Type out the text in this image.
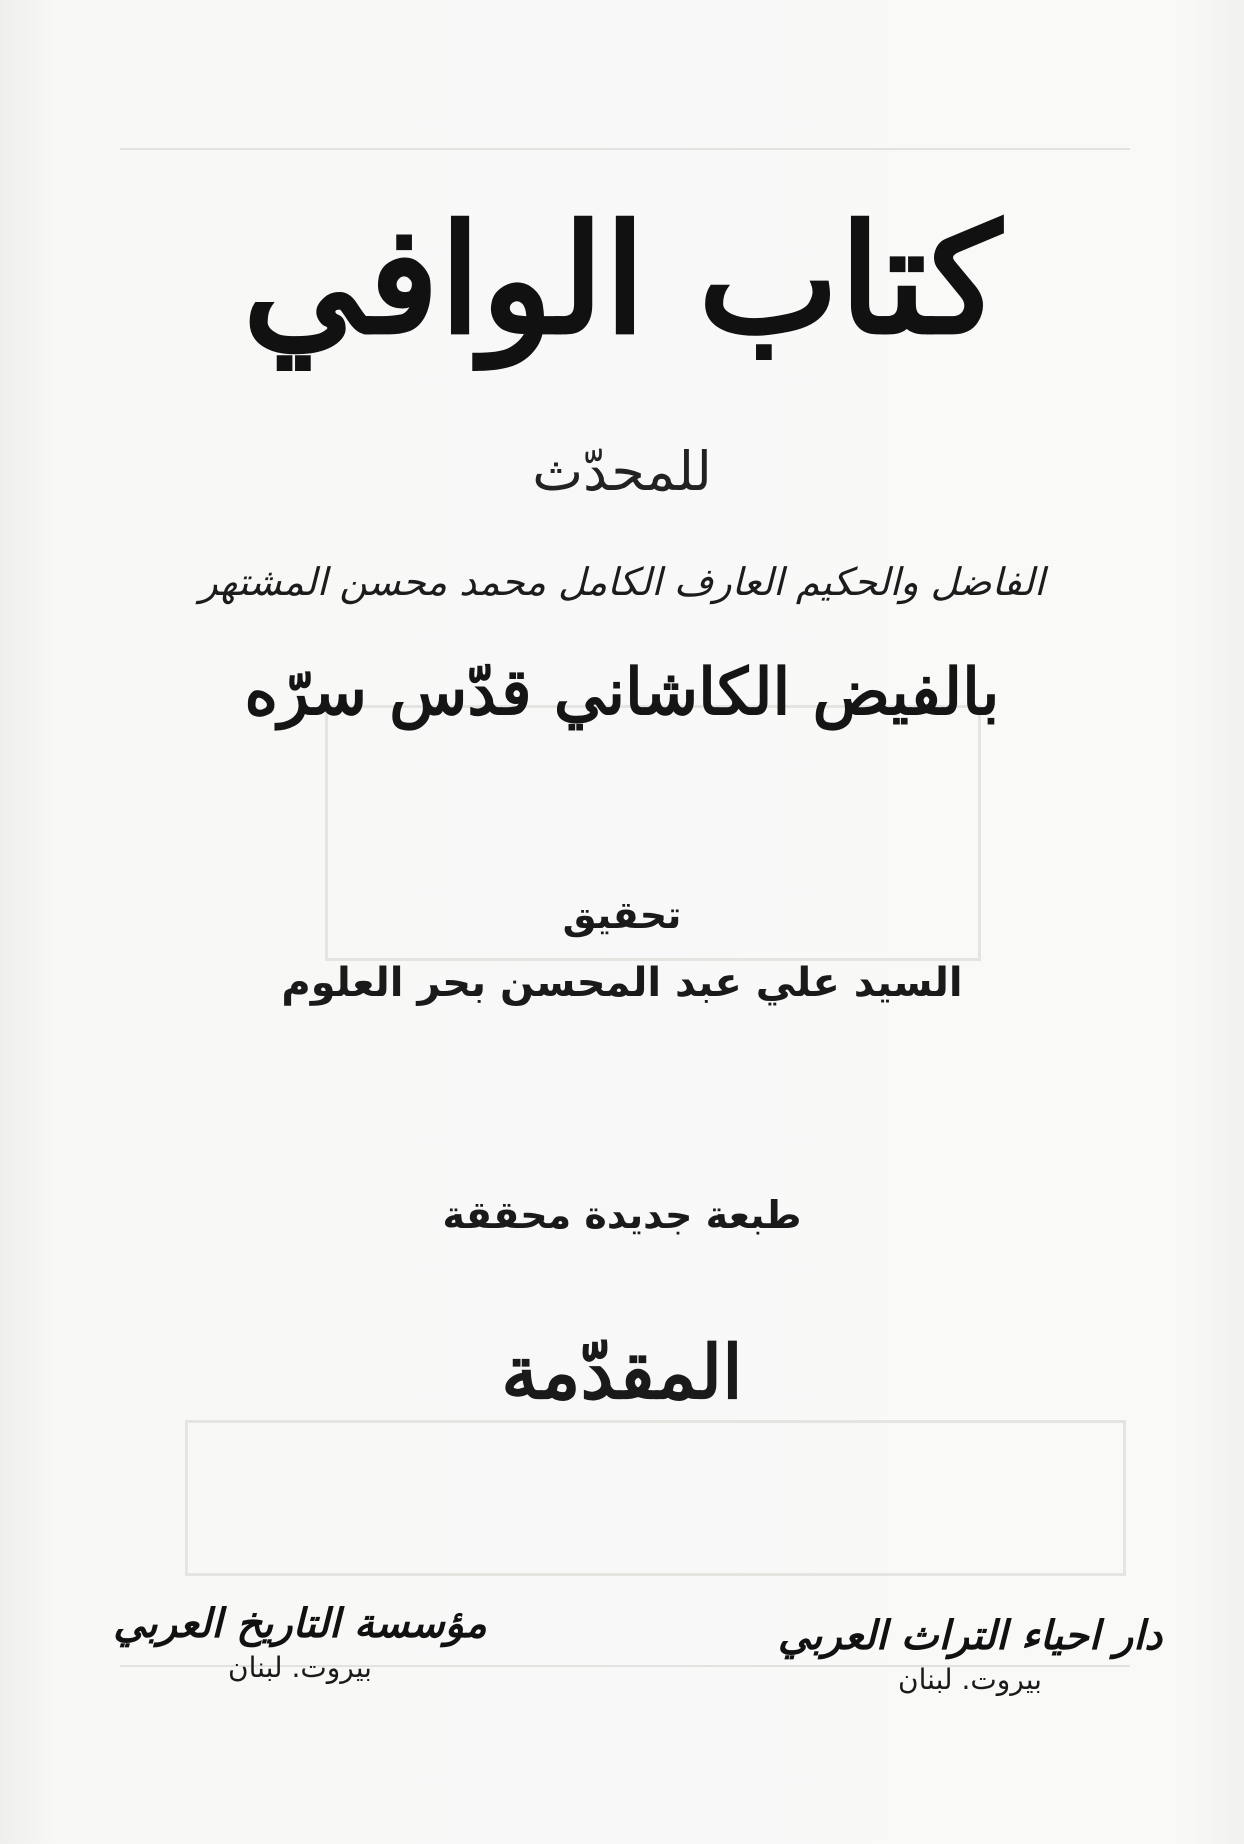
كتاب الوافي
للمحدّث
الفاضل والحكيم العارف الكامل محمد محسن المشتهر
بالفيض الكاشاني قدّس سرّه
تحقيق
السيد علي عبد المحسن بحر العلوم
طبعة جديدة محققة
المقدّمة
مؤسسة التاريخ العربي
بيروت. لبنان
دار احياء التراث العربي
بيروت. لبنان
